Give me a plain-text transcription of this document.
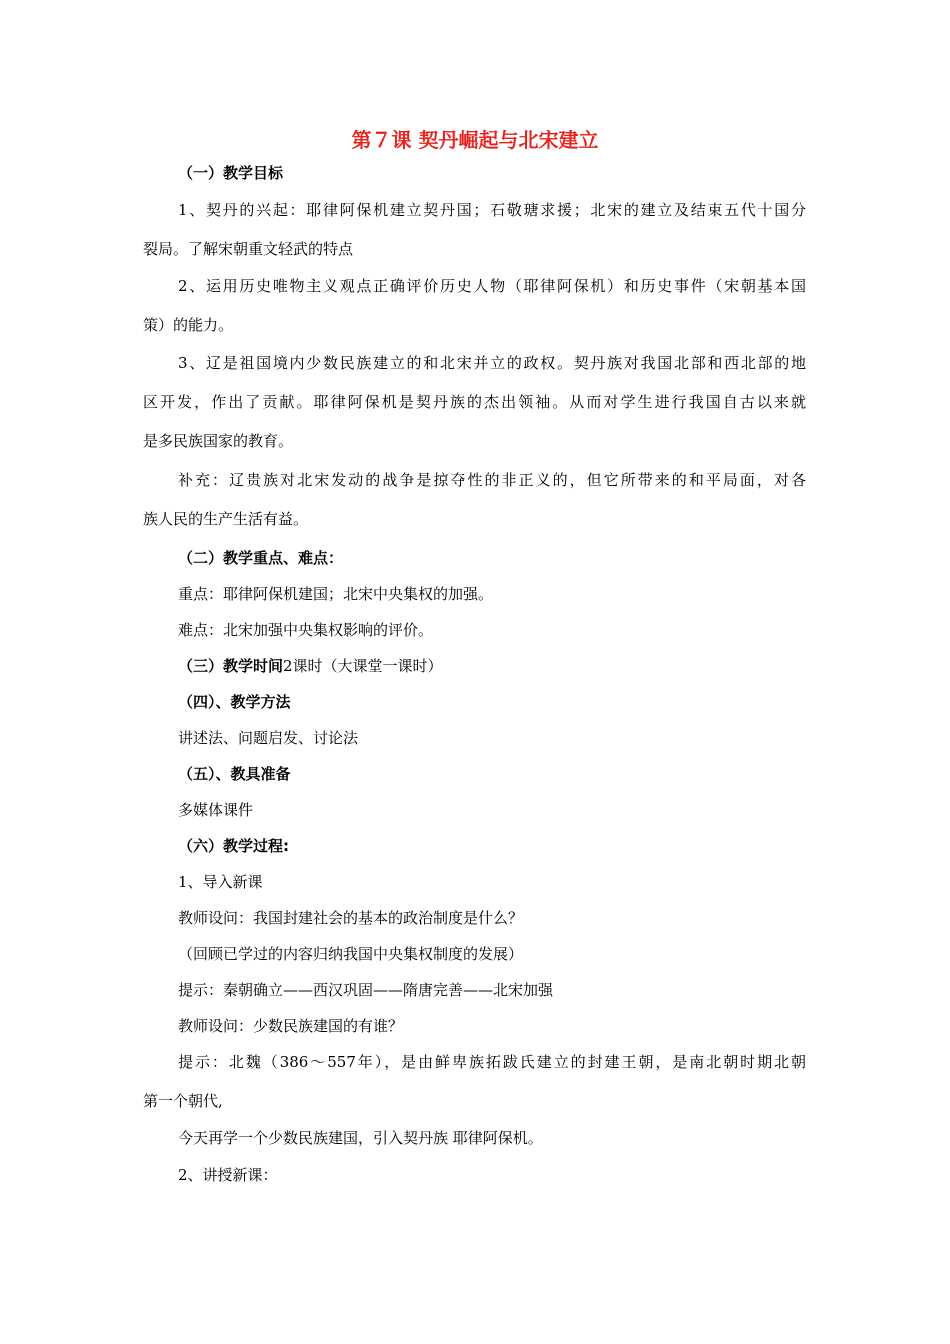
第７课 契丹崛起与北宋建立
（一）教学目标
1、契丹的兴起：耶律阿保机建立契丹国；石敬瑭求援；北宋的建立及结束五代十国分
裂局。了解宋朝重文轻武的特点
2、运用历史唯物主义观点正确评价历史人物（耶律阿保机）和历史事件（宋朝基本国
策）的能力。
3、辽是祖国境内少数民族建立的和北宋并立的政权。契丹族对我国北部和西北部的地
区开发，作出了贡献。耶律阿保机是契丹族的杰出领袖。从而对学生进行我国自古以来就
是多民族国家的教育。
补充：辽贵族对北宋发动的战争是掠夺性的非正义的，但它所带来的和平局面，对各
族人民的生产生活有益。
（二）教学重点、难点：
重点：耶律阿保机建国；北宋中央集权的加强。
难点：北宋加强中央集权影响的评价。
（三）教学时间2课时（大课堂一课时）
（四）、教学方法
讲述法、问题启发、讨论法
（五）、教具准备
多媒体课件
（六）教学过程:
1、导入新课
教师设问：我国封建社会的基本的政治制度是什么？
（回顾已学过的内容归纳我国中央集权制度的发展）
提示：秦朝确立——西汉巩固——隋唐完善——北宋加强
教师设问：少数民族建国的有谁？
提示：北魏（386～557年），是由鲜卑族拓跋氏建立的封建王朝，是南北朝时期北朝
第一个朝代,
今天再学一个少数民族建国，引入契丹族 耶律阿保机。
2、讲授新课：
